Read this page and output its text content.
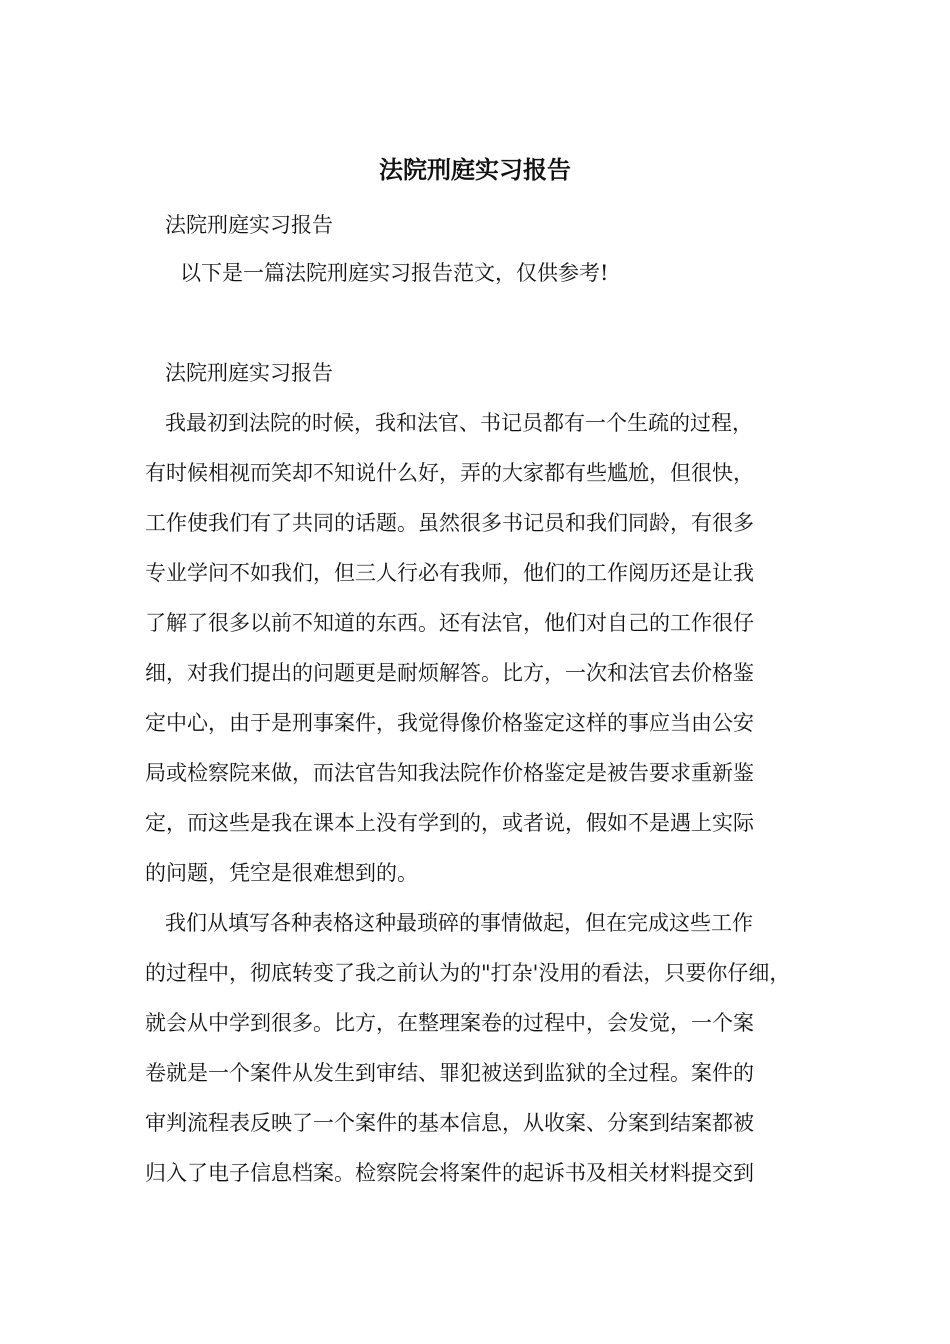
法院刑庭实习报告
法院刑庭实习报告
以下是一篇法院刑庭实习报告范文，仅供参考!
法院刑庭实习报告
我最初到法院的时候，我和法官、书记员都有一个生疏的过程，
有时候相视而笑却不知说什么好，弄的大家都有些尴尬，但很快，
工作使我们有了共同的话题。虽然很多书记员和我们同龄，有很多
专业学问不如我们，但三人行必有我师，他们的工作阅历还是让我
了解了很多以前不知道的东西。还有法官，他们对自己的工作很仔
细，对我们提出的问题更是耐烦解答。比方，一次和法官去价格鉴
定中心，由于是刑事案件，我觉得像价格鉴定这样的事应当由公安
局或检察院来做，而法官告知我法院作价格鉴定是被告要求重新鉴
定，而这些是我在课本上没有学到的，或者说，假如不是遇上实际
的问题，凭空是很难想到的。
我们从填写各种表格这种最琐碎的事情做起，但在完成这些工作
的过程中，彻底转变了我之前认为的"打杂'没用的看法，只要你仔细，
就会从中学到很多。比方，在整理案卷的过程中，会发觉，一个案
卷就是一个案件从发生到审结、罪犯被送到监狱的全过程。案件的
审判流程表反映了一个案件的基本信息，从收案、分案到结案都被
归入了电子信息档案。检察院会将案件的起诉书及相关材料提交到
